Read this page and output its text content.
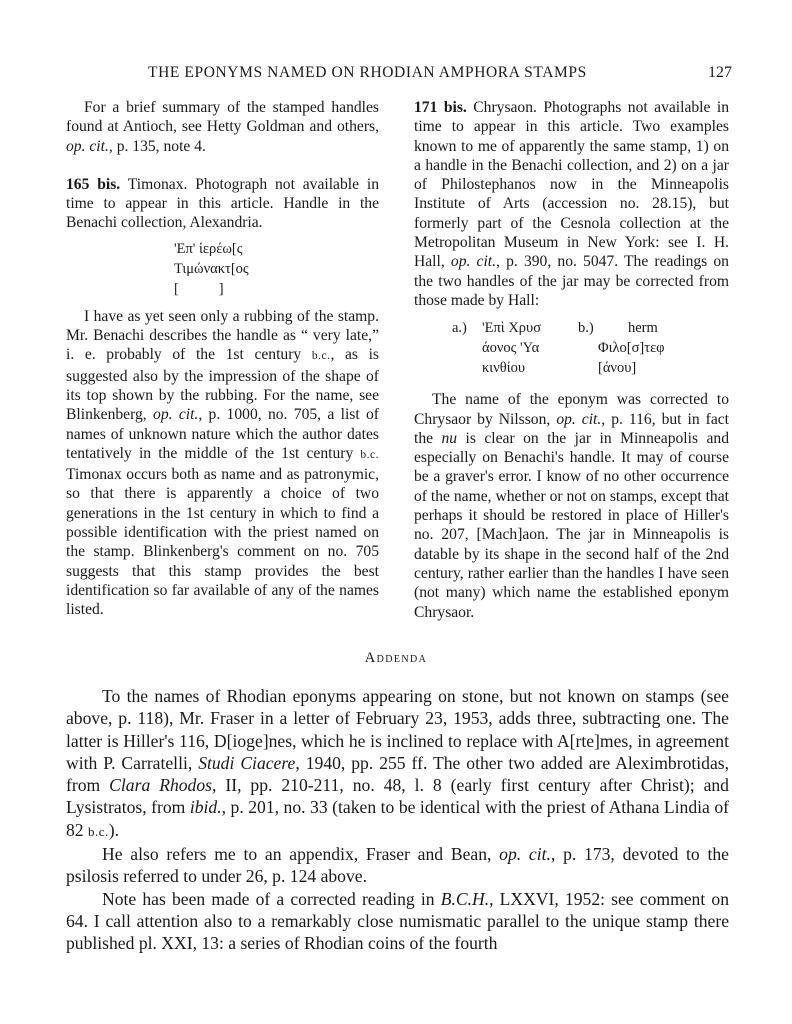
THE EPONYMS NAMED ON RHODIAN AMPHORA STAMPS	127

For a brief summary of the stamped handles found at Antioch, see Hetty Goldman and others, op. cit., p. 135, note 4.

165 bis. Timonax. Photograph not available in time to appear in this article. Handle in the Benachi collection, Alexandria.

'Επ' ἱερέω[ς
Τιμώνακτ[ος
[           ]

I have as yet seen only a rubbing of the stamp. Mr. Benachi describes the handle as “ very late,” i. e. probably of the 1st century b.c., as is suggested also by the impression of the shape of its top shown by the rubbing. For the name, see Blinkenberg, op. cit., p. 1000, no. 705, a list of names of unknown nature which the author dates tentatively in the middle of the 1st century b.c. Timonax occurs both as name and as patronymic, so that there is apparently a choice of two generations in the 1st century in which to find a possible identification with the priest named on the stamp. Blinkenberg's comment on no. 705 suggests that this stamp provides the best identification so far available of any of the names listed.

171 bis. Chrysaon. Photographs not available in time to appear in this article. Two examples known to me of apparently the same stamp, 1) on a handle in the Benachi collection, and 2) on a jar of Philostephanos now in the Minneapolis Institute of Arts (accession no. 28.15), but formerly part of the Cesnola collection at the Metropolitan Museum in New York: see I. H. Hall, op. cit., p. 390, no. 5047. The readings on the two handles of the jar may be corrected from those made by Hall:

a.) 'Επὶ Χρυσ
άονος 'Υα
κινθίου
b.) herm
Φιλο[σ]τεφ
[άνου]

The name of the eponym was corrected to Chrysaor by Nilsson, op. cit., p. 116, but in fact the nu is clear on the jar in Minneapolis and especially on Benachi's handle. It may of course be a graver's error. I know of no other occurrence of the name, whether or not on stamps, except that perhaps it should be restored in place of Hiller's no. 207, [Mach]aon. The jar in Minneapolis is datable by its shape in the second half of the 2nd century, rather earlier than the handles I have seen (not many) which name the established eponym Chrysaor.

Addenda

To the names of Rhodian eponyms appearing on stone, but not known on stamps (see above, p. 118), Mr. Fraser in a letter of February 23, 1953, adds three, subtracting one. The latter is Hiller's 116, D[ioge]nes, which he is inclined to replace with A[rte]mes, in agreement with P. Carratelli, Studi Ciacere, 1940, pp. 255 ff. The other two added are Aleximbrotidas, from Clara Rhodos, II, pp. 210-211, no. 48, l. 8 (early first century after Christ); and Lysistratos, from ibid., p. 201, no. 33 (taken to be identical with the priest of Athana Lindia of 82 b.c.).

He also refers me to an appendix, Fraser and Bean, op. cit., p. 173, devoted to the psilosis referred to under 26, p. 124 above.

Note has been made of a corrected reading in B.C.H., LXXVI, 1952: see comment on 64. I call attention also to a remarkably close numismatic parallel to the unique stamp there published pl. XXI, 13: a series of Rhodian coins of the fourth
